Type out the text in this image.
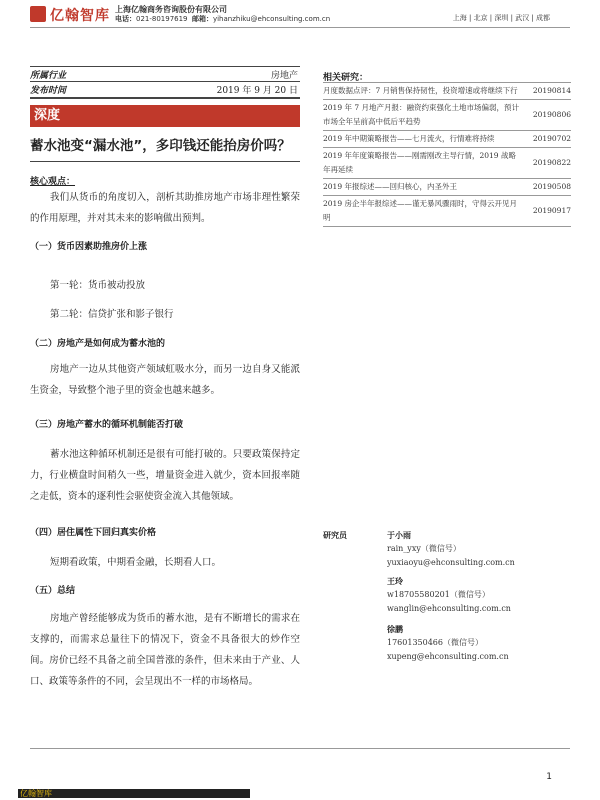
亿翰智库 上海亿翰商务咨询股份有限公司
电话：021-80197619 邮箱：yihanzhiku@ehconsulting.com.cn	上海 | 北京 | 深圳 | 武汉 | 成都
所属行业	房地产
发布时间	2019 年 9 月 20 日
深度
蓄水池变“漏水池”，多印钱还能抬房价吗？
核心观点：
我们从货币的角度切入，剖析其助推房地产市场非理性繁荣的作用原理，并对其未来的影响做出预判。
（一）货币因素助推房价上涨
第一轮：货币被动投放
第二轮：信贷扩张和影子银行
（二）房地产是如何成为蓄水池的
房地产一边从其他资产领域虹吸水分，而另一边自身又能派生资金，导致整个池子里的资金也越来越多。
（三）房地产蓄水的循环机制能否打破
蓄水池这种循环机制还是很有可能打破的。只要政策保持定力，行业横盘时间稍久一些，增量资金进入就少，资本回报率随之走低，资本的逐利性会驱使资金流入其他领域。
（四）居住属性下回归真实价格
短期看政策，中期看金融，长期看人口。
（五）总结
房地产曾经能够成为货币的蓄水池，是有不断增长的需求在支撑的，而需求总量往下的情况下，资金不具备很大的炒作空间。房价已经不具备之前全国普涨的条件，但未来由于产业、人口、政策等条件的不同，会呈现出不一样的市场格局。
相关研究：
月度数据点评：7 月销售保持韧性，投资增速或将继续下行	20190814
2019 年 7 月地产月报：融资约束强化土地市场偏弱，预计市场全年呈前高中低后平趋势	20190806
2019 年中期策略报告——七月流火，行情难将持续	20190702
2019 年年度策略报告——刚需刚改主导行情，2019 战略年再延续	20190822
2019 年报综述——回归核心，内圣外王	20190508
2019 房企半年报综述——谨无暴风骤雨时，守得云开见月明	20190917
研究员	于小雨
rain_yxy（微信号）
yuxiaoyu@ehconsulting.com.cn
王玲
w18705580201（微信号）
wanglin@ehconsulting.com.cn
徐鹏
17601350466（微信号）
xupeng@ehconsulting.com.cn
1
亿翰智库
